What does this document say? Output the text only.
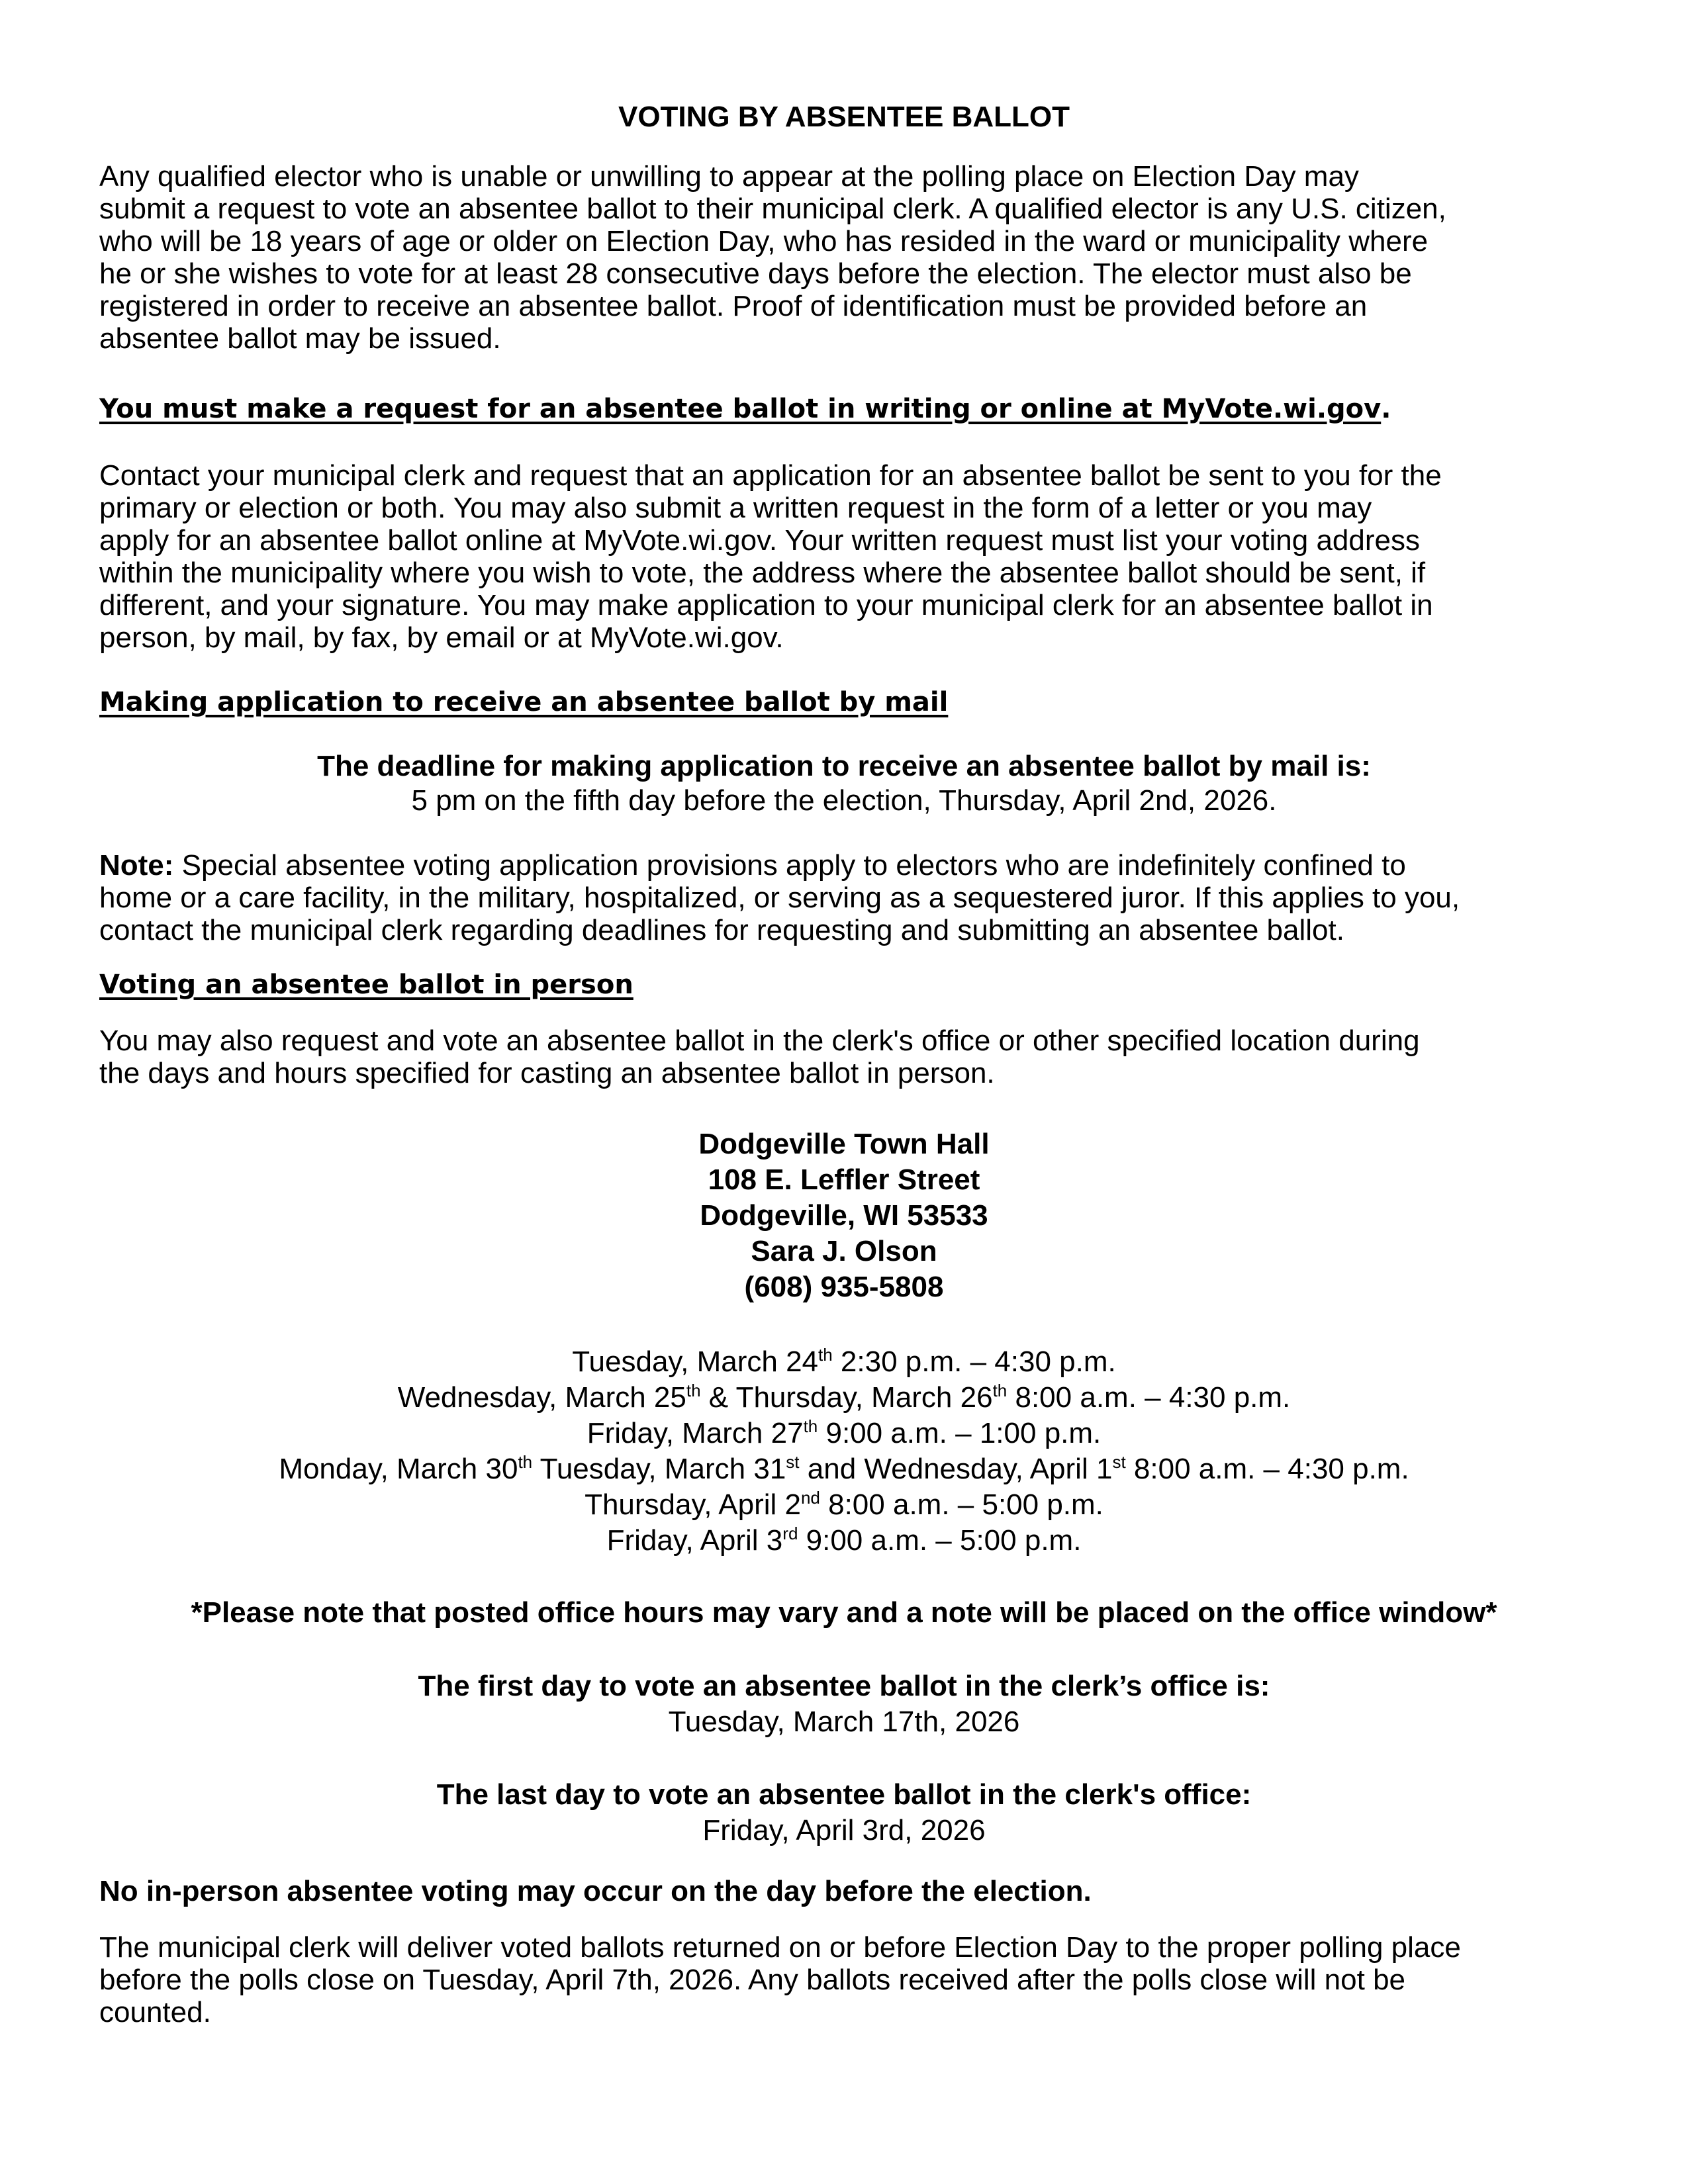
VOTING BY ABSENTEE BALLOT
Any qualified elector who is unable or unwilling to appear at the polling place on Election Day may
submit a request to vote an absentee ballot to their municipal clerk. A qualified elector is any U.S. citizen,
who will be 18 years of age or older on Election Day, who has resided in the ward or municipality where
he or she wishes to vote for at least 28 consecutive days before the election. The elector must also be
registered in order to receive an absentee ballot. Proof of identification must be provided before an
absentee ballot may be issued.
You must make a request for an absentee ballot in writing or online at MyVote.wi.gov.
Contact your municipal clerk and request that an application for an absentee ballot be sent to you for the
primary or election or both. You may also submit a written request in the form of a letter or you may
apply for an absentee ballot online at MyVote.wi.gov. Your written request must list your voting address
within the municipality where you wish to vote, the address where the absentee ballot should be sent, if
different, and your signature. You may make application to your municipal clerk for an absentee ballot in
person, by mail, by fax, by email or at MyVote.wi.gov.
Making application to receive an absentee ballot by mail
The deadline for making application to receive an absentee ballot by mail is:
5 pm on the fifth day before the election, Thursday, April 2nd, 2026.
Note: Special absentee voting application provisions apply to electors who are indefinitely confined to
home or a care facility, in the military, hospitalized, or serving as a sequestered juror. If this applies to you,
contact the municipal clerk regarding deadlines for requesting and submitting an absentee ballot.
Voting an absentee ballot in person
You may also request and vote an absentee ballot in the clerk's office or other specified location during
the days and hours specified for casting an absentee ballot in person.
Dodgeville Town Hall
108 E. Leffler Street
Dodgeville, WI 53533
Sara J. Olson
(608) 935-5808
Tuesday, March 24th 2:30 p.m. – 4:30 p.m.
Wednesday, March 25th & Thursday, March 26th 8:00 a.m. – 4:30 p.m.
Friday, March 27th 9:00 a.m. – 1:00 p.m.
Monday, March 30th Tuesday, March 31st and Wednesday, April 1st 8:00 a.m. – 4:30 p.m.
Thursday, April 2nd 8:00 a.m. – 5:00 p.m.
Friday, April 3rd 9:00 a.m. – 5:00 p.m.
*Please note that posted office hours may vary and a note will be placed on the office window*
The first day to vote an absentee ballot in the clerk’s office is:
Tuesday, March 17th, 2026
The last day to vote an absentee ballot in the clerk's office:
Friday, April 3rd, 2026
No in-person absentee voting may occur on the day before the election.
The municipal clerk will deliver voted ballots returned on or before Election Day to the proper polling place
before the polls close on Tuesday, April 7th, 2026. Any ballots received after the polls close will not be
counted.
